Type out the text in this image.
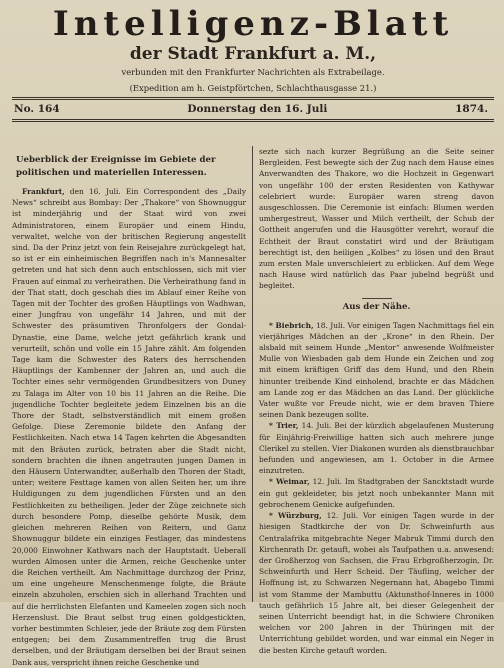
Intelligenz-Blatt

der Stadt Frankfurt a. M.,

verbunden mit den Frankfurter Nachrichten als Extrabeilage.

(Expedition am h. Geistpförtchen, Schlachthausgasse 21.)

No. 164	Donnerstag den 16. Juli	1874.

Ueberblick der Ereignisse im Gebiete der politischen und materiellen Interessen.

Frankfurt, den 16. Juli. Ein Correspondent des „Daily News“ schreibt aus Bombay: Der „Thakore“ von Shownuggur ist minderjährig und der Staat wird von zwei Administratoren, einem Europäer und einem Hindu, verwaltet, welche von der britischen Regierung angestellt sind. Da der Prinz jetzt von fein Reisejahre zurückgelegt hat, so ist er ein einheimischen Begriffen nach in's Mannesalter getreten und hat sich denn auch entschlossen, sich mit vier Frauen auf einmal zu verheirathen. Die Verheirathung fand in der That statt, doch geschah dies im Ablauf einer Reihe von Tagen mit der Tochter des großen Häuptlings von Wadhwan, einer Jungfrau von ungefähr 14 Jahren, und mit der Schwester des präsumtiven Thronfolgers der Gondal-Dynastie, eine Dame, welche jetzt gefährlich krank und verurteilt, schön und volle ein 15 Jahre zählt. Am folgenden Tage kam die Schwester des Raters des herrschenden Häuptlings der Kambenner der Jahren an, und auch die Tochter eines sehr vermögenden Grundbesitzers von Duney zu Talaga im Alter von 10 bis 11 Jahren an die Reihe. Die jugendliche Tochter begleitete jedem Einzelnen bis an die Thore der Stadt, selbstverständlich mit einem großen Gefolge. Diese Zeremonie bildete den Anfang der Festlichkeiten. Nach etwa 14 Tagen kehrten die Abgesandten mit den Bräuten zurück, betraten aber die Stadt nicht, sondern brachten die ihnen angetrauten jungen Damen in den Häusern Unterwandter, außerhalb den Thoren der Stadt, unter; weitere Festtage kamen von allen Seiten her, um ihre Huldigungen zu dem jugendlichen Fürsten und an den Festlichkeiten zu betheiligen. Jeder der Züge zeichnete sich durch besondere Pomp, dieselbe gehörte Musik, dem gleichen mehreren Reihen von Reitern, und Ganz Shownuggur bildete ein einziges Festlager, das mindestens 20,000 Einwohner Kathwars nach der Hauptstadt. Ueberall wurden Almosen unter die Armen, reiche Geschenke unter die Reichen vertheilt. Am Nachmittage durchzog der Prinz, um eine ungeheure Menschenmenge folgte, die Bräute einzeln abzuholen, erschien sich in allerhand Trachten und auf die herrlichsten Elefanten und Kameelen zogen sich noch Herzenslust. Die Braut selbst trug einen goldgestickten, vorher bestimmten Schleier, jede der Bräute zog dem Fürsten entgegen; bei dem Zusammentreffen trug die Brust derselben, und der Bräutigam derselben bei der Braut seinen Dank aus, verspricht ihnen reiche Geschenke und

sezte sich nach kurzer Begrüßung an die Seite seiner Bergleiden. Fest bewegte sich der Zug nach dem Hause eines Anverwandten des Thakore, wo die Hochzeit in Gegenwart von ungefähr 100 der ersten Residenten von Kathywar celebriert wurde: Europäer waren streng davon ausgeschlossen. Die Ceremonie ist einfach: Blumen werden umhergestreut, Wasser und Milch vertheilt, der Schub der Gottheit angerufen und die Hausgötter verehrt, worauf die Echtheit der Braut constatirt wird und der Bräutigam berechtigt ist, den heiligen „Kolbes“ zu lösen und den Braut zum ersten Male unverschleiert zu erblicken. Auf dem Wege nach Hause wird natürlich das Paar jubelnd begrüßt und begleitet.

Aus der Nähe.

* Biebrich, 18. Juli. Vor einigen Tagen Nachmittags fiel ein vierjähriges Mädchen an der „Krone“ in den Rhein. Der alsbald mit seinem Hunde „Mentor“ anwesende Wolfmeister Mulle von Wiesbaden gab dem Hunde ein Zeichen und zog mit einem kräftigen Griff das dem Hund, und den Rhein hinunter treibende Kind einholend, brachte er das Mädchen am Lande zog er das Mädchen an das Land. Der glückliche Vater wußte vor Freude nicht, wie er dem braven Thiere seinen Dank bezeugen sollte.

* Trier, 14. Juli. Bei der kürzlich abgelaufenen Musterung für Einjährig-Freiwillige hatten sich auch mehrere junge Clerikel zu stellen. Vier Diakonen wurden als dienstbrauchbar befunden und angewiesen, am 1. October in die Armee einzutreten.

* Weimar, 12. Juli. Im Stadtgraben der Sancktstadt wurde ein gut gekleideter, bis jetzt noch unbekannter Mann mit gebrochenem Genicke aufgefunden.

* Würzburg, 12. Juli. Vor einigen Tagen wurde in der hiesigen Stadtkirche der von Dr. Schweinfurth aus Centralafrika mitgebrachte Neger Mabruk Timmi durch den Kirchenrath Dr. getauft, wobei als Taufpathen u.a. anwesend: der Großherzog von Sachsen, die Frau Erbgroßherzogin, Dr. Schweinfurth und Herr Scheid. Der Täufling, welcher der Hoffnung ist, zu Schwarzen Negernann hat, Abagebo Timmi ist vom Stamme der Mambuttu (Aktunsthof-Inneres in 1000 tauch gefährlich 15 Jahre alt, bei dieser Gelegenheit der seinen Unterricht beendigt hat, in die Schwiere Chroniken welchen vor 200 Jahren in der Thüringen mit der Unterrichtung gebildet worden, und war einmal ein Neger in die besten Kirche getauft worden.
